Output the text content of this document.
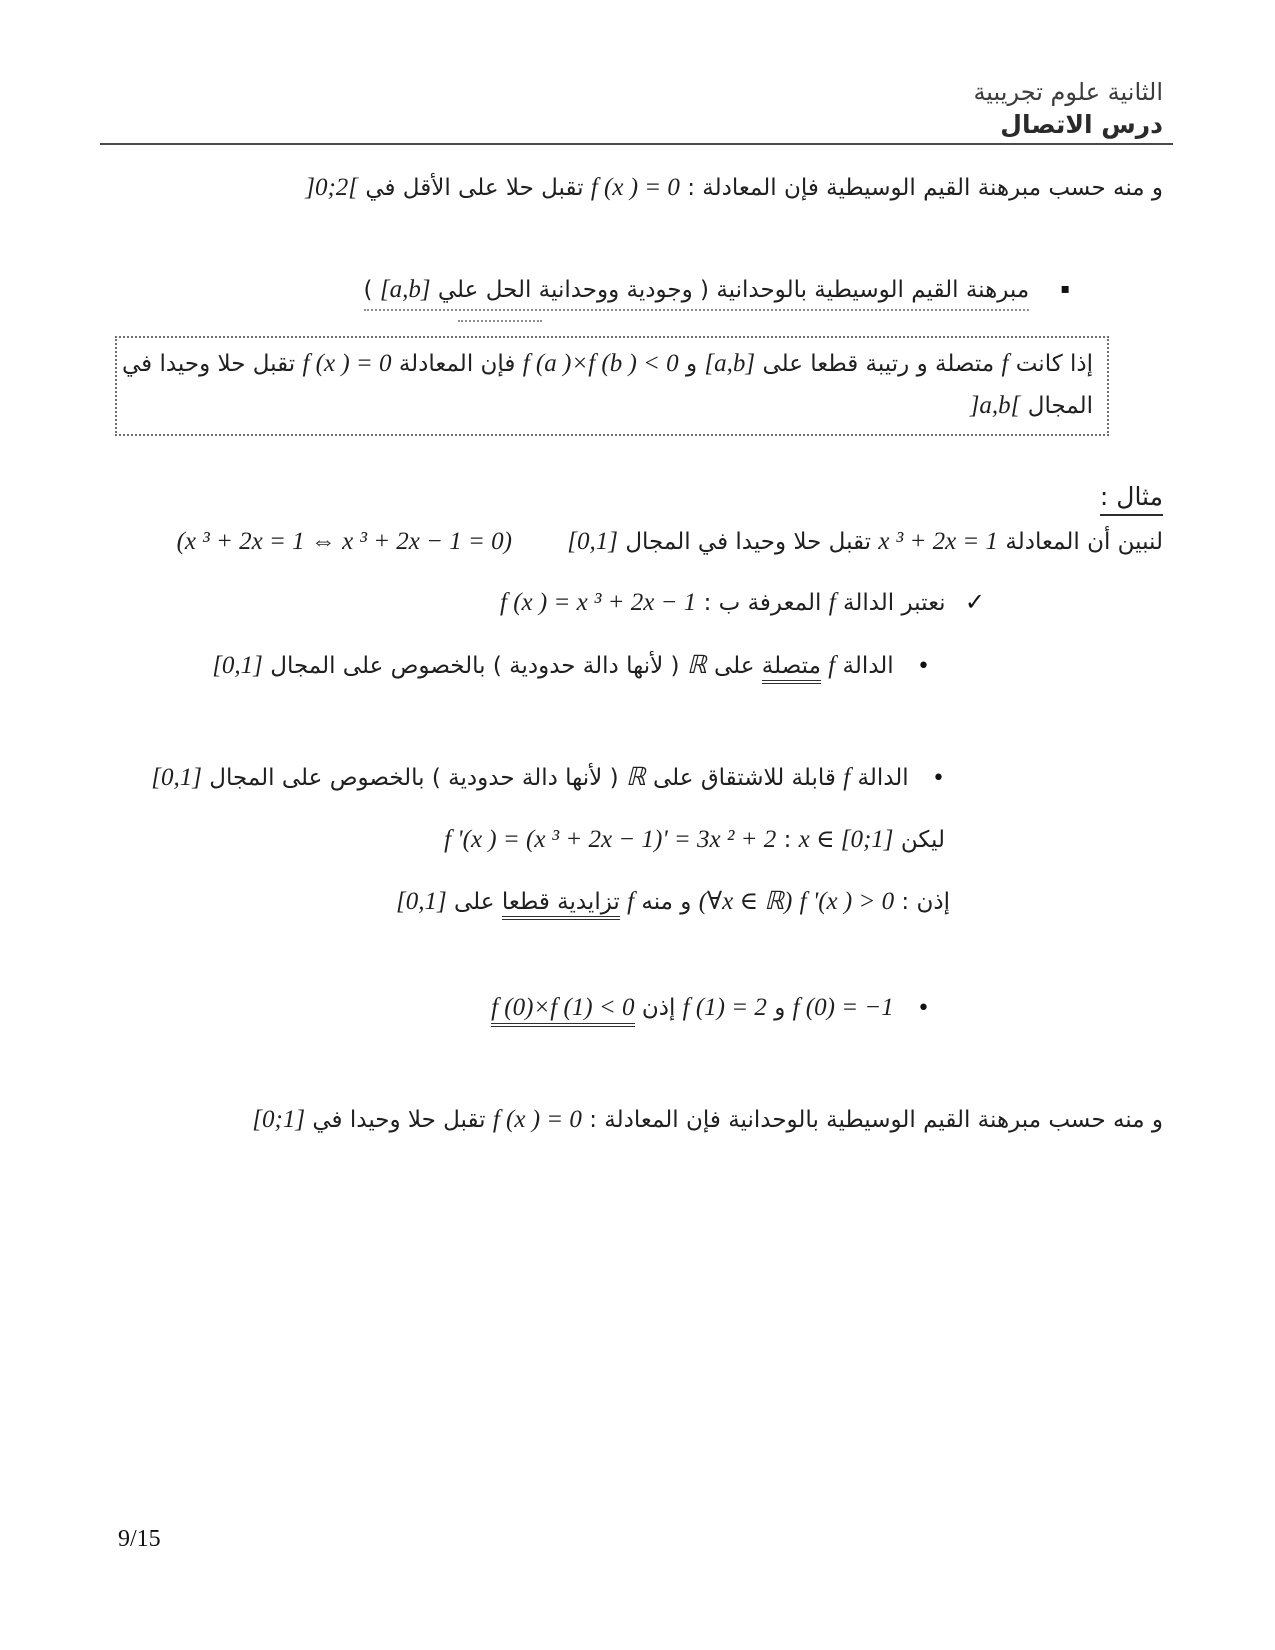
الثانية علوم تجريبية
درس الاتصال
و منه حسب مبرهنة القيم الوسيطية فإن المعادلة : f (x ) = 0 تقبل حلا على الأقل في ]0;2[
▪ مبرهنة القيم الوسيطية بالوحدانية ( وجودية ووحدانية الحل علي [a,b] )
إذا كانت f متصلة و رتيبة قطعا على [a,b] و f (a )×f (b ) < 0 فإن المعادلة f (x ) = 0 تقبل حلا وحيدا في
المجال ]a,b[
مثال :
لنبين أن المعادلة x ³ + 2x = 1 تقبل حلا وحيدا في المجال [0,1] (x ³ + 2x = 1 ⇔ x ³ + 2x − 1 = 0)
✓ نعتبر الدالة f المعرفة ب : f (x ) = x ³ + 2x − 1
• الدالة f متصلة على ℝ ( لأنها دالة حدودية ) بالخصوص على المجال [0,1]
• الدالة f قابلة للاشتقاق على ℝ ( لأنها دالة حدودية ) بالخصوص على المجال [0,1]
ليكن x ∈ [0;1] : f '(x ) = (x ³ + 2x − 1)' = 3x ² + 2
إذن : f '(x ) > 0 (∀x ∈ ℝ) و منه f تزايدية قطعا على [0,1]
• f (0) = −1 و f (1) = 2 إذن f (0)×f (1) < 0
و منه حسب مبرهنة القيم الوسيطية بالوحدانية فإن المعادلة : f (x ) = 0 تقبل حلا وحيدا في [0;1]
9/15
